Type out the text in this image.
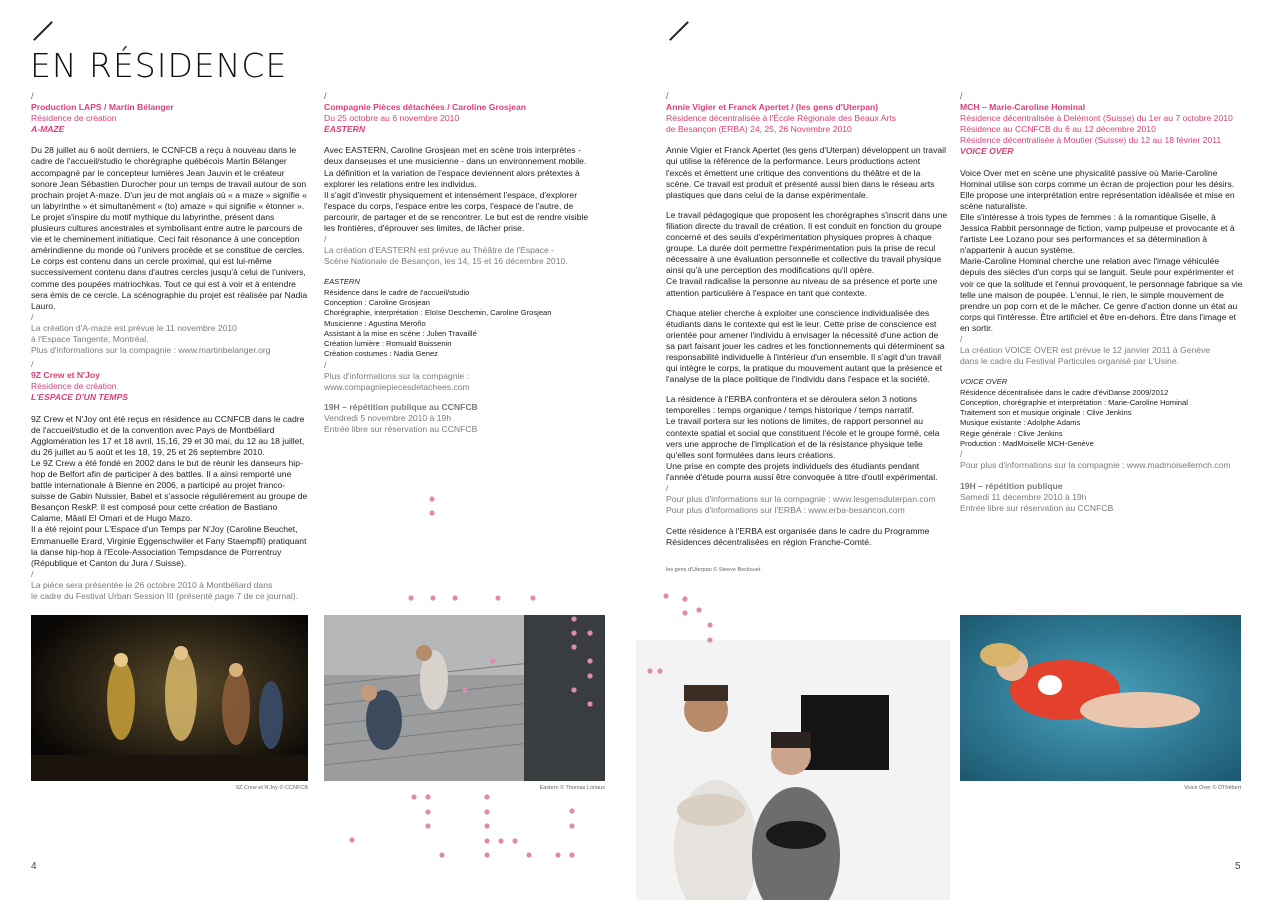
EN RÉSIDENCE
/
Production LAPS / Martin Bélanger
Résidence de création
A-MAZE

Du 28 juillet au 6 août derniers, le CCNFCB a reçu à nouveau dans le cadre de l'accueil/studio le chorégraphe québécois Martin Bélanger accompagné par le concepteur lumières Jean Jauvin et le créateur sonore Jean Sébastien Durocher pour un temps de travail autour de son prochain projet A-maze. D'un jeu de mot anglais où « a maze » signifie « un labyrinthe » et simultanément « (to) amaze » qui signifie « étonner ». Le projet s'inspire du motif mythique du labyrinthe, présent dans plusieurs cultures ancestrales et symbolisant entre autre le parcours de vie et le cheminement initiatique. Ceci fait résonance à une conception amérindienne du monde où l'univers procède et se constitue de cercles. Le corps est contenu dans un cercle proximal, qui est lui-même successivement contenu dans d'autres cercles jusqu'à celui de l'univers, comme des poupées matriochkas. Tout ce qui est à voir et à entendre sera émis de ce cercle. La scénographie du projet est réalisée par Nadia Lauro.

/
La création d'A-maze est prévue le 11 novembre 2010
à l'Espace Tangente, Montréal.
Plus d'informations sur la compagnie : www.martinbelanger.org
/
9Z Crew et N'Joy
Résidence de création
L'ESPACE D'UN TEMPS

9Z Crew et N'Joy ont été reçus en résidence au CCNFCB dans le cadre de l'accueil/studio et de la convention avec Pays de Montbéliard Agglomération les 17 et 18 avril, 15,16, 29 et 30 mai, du 12 au 18 juillet, du 26 juillet au 5 août et les 18, 19, 25 et 26 septembre 2010.
Le 9Z Crew a été fondé en 2002 dans le but de réunir les danseurs hip-hop de Belfort afin de participer à des battles. Il a ainsi remporté une battle internationale à Bienne en 2006, a participé au projet franco-suisse de Gabin Nuissier, Babel et s'associe régulièrement au groupe de Besançon ReskP. Il est composé pour cette création de Bastiano Calame, Mâati El Omari et de Hugo Mazo.
Il a été rejoint pour L'Espace d'un Temps par N'Joy (Caroline Beuchet, Emmanuelle Erard, Virginie Eggenschwiler et Fany Staempfli) pratiquant la danse hip-hop à l'Ecole-Association Tempsdance de Porrentruy (République et Canton du Jura / Suisse).

/
La pièce sera présentée le 26 octobre 2010 à Montbéliard dans
le cadre du Festival Urban Session III (présenté page 7 de ce journal).
/
Compagnie Pièces détachées / Caroline Grosjean
Du 25 octobre au 6 novembre 2010
EASTERN
Avec EASTERN, Caroline Grosjean met en scène trois interprètes - deux danseuses et une musicienne - dans un environnement mobile. La définition et la variation de l'espace deviennent alors prétextes à explorer les relations entre les individus.
Il s'agit d'investir physiquement et intensément l'espace, d'explorer l'espace du corps, l'espace entre les corps, l'espace de l'autre, de parcourir, de partager et de se rencontrer. Le but est de rendre visible les frontières, d'éprouver ses limites, de lâcher prise.
/
La création d'EASTERN est prévue au Théâtre de l'Espace -
Scène Nationale de Besançon, les 14, 15 et 16 décembre 2010.
EASTERN
Résidence dans le cadre de l'accueil/studio
Conception : Caroline Grosjean
Chorégraphie, interprétation : Eloïse Deschemin, Caroline Grosjean
Musicienne : Agustina Meroño
Assistant à la mise en scène : Julien Travaillé
Création lumière : Romuald Boissenin
Création costumes : Nadia Genez
/
Plus d'informations sur la compagnie :
www.compagniepiecesdetachees.com
19H – répétition publique au CCNFCB
Vendredi 5 novembre 2010 à 19h
Entrée libre sur réservation au CCNFCB
/
Annie Vigier et Franck Apertet / (les gens d'Uterpan)
Résidence décentralisée à l'École Régionale des Beaux Arts
de Besançon (ERBA) 24, 25, 26 Novembre 2010

Annie Vigier et Franck Apertet (les gens d'Uterpan) développent un travail qui utilise la référence de la performance. Leurs productions actent l'excès et émettent une critique des conventions du théâtre et de la scène. Ce travail est produit et présenté aussi bien dans le réseau arts plastiques que dans celui de la danse expérimentale.

Le travail pédagogique que proposent les chorégraphes s'inscrit dans une filiation directe du travail de création. Il est conduit en fonction du groupe concerné et des seuils d'expérimentation physiques propres à chaque groupe. La durée doit permettre l'expérimentation puis la prise de recul nécessaire à une évaluation personnelle et collective du travail physique ainsi qu'à une perception des modifications qu'il opère.
Ce travail radicalise la personne au niveau de sa présence et porte une attention particulière à l'espace en tant que contexte.

Chaque atelier cherche à exploiter une conscience individualisée des étudiants dans le contexte qui est le leur. Cette prise de conscience est orientée pour amener l'individu à envisager la nécessité d'une action de sa part faisant jouer les cadres et les fonctionnements qui déterminent sa responsabilité individuelle à l'intérieur d'un ensemble. Il s'agit d'un travail qui intègre le corps, la pratique du mouvement autant que la présence et l'analyse de la place politique de l'individu dans l'espace et la société.

La résidence à l'ERBA confrontera et se déroulera selon 3 notions temporelles : temps organique / temps historique / temps narratif.
Le travail portera sur les notions de limites, de rapport personnel au contexte spatial et social que constituent l'école et le groupe formé, cela vers une approche de l'implication et de la résistance physique telle qu'elles sont formulées dans leurs créations.
Une prise en compte des projets individuels des étudiants pendant l'année d'étude pourra aussi être convoquée à titre d'outil expérimental.

/
Pour plus d'informations sur la compagnie : www.lesgensduterpan.com
Pour plus d'informations sur l'ERBA : www.erba-besancon.com

Cette résidence à l'ERBA est organisée dans le cadre du Programme Résidences décentralisées en région Franche-Comté.

/
MCH – Marie-Caroline Hominal
Résidence décentralisée à Delémont (Suisse) du 1er au 7 octobre 2010
Résidence au CCNFCB du 6 au 12 décembre 2010
Résidence décentralisée à Moutier (Suisse) du 12 au 18 février 2011
VOICE OVER

Voice Over met en scène une physicalité passive où Marie-Caroline Hominal utilise son corps comme un écran de projection pour les désirs. Elle propose une interprétation entre représentation idéalisée et mise en scène naturaliste.
Elle s'intéresse à trois types de femmes : à la romantique Giselle, à Jessica Rabbit personnage de fiction, vamp pulpeuse et provocante et à l'artiste Lee Lozano pour ses performances et sa détermination à n'appartenir à aucun système.
Marie-Caroline Hominal cherche une relation avec l'image véhiculée depuis des siècles d'un corps qui se languit. Seule pour expérimenter et voir ce que la solitude et l'ennui provoquent, le personnage fabrique sa vie telle une maison de poupée. L'ennui, le rien, le simple mouvement de prendre un pop corn et de le mâcher. Ce genre d'action donne un état au corps qui l'intéresse. Être artificiel et être en-dehors. Être dans l'image et en sortir.

/
La création VOICE OVER est prévue le 12 janvier 2011 à Genève
dans le cadre du Festival Particules organisé par L'Usine.
VOICE OVER
Résidence décentralisée dans le cadre d'éviDanse 2009/2012
Conception, chorégraphie et interprétation : Marie-Caroline Hominal
Traitement son et musique originale : Clive Jenkins
Musique existante : Adolphe Adams
Régie générale : Clive Jenkins
Production : MadMoiselle MCH-Genève
/
Pour plus d'informations sur la compagnie : www.madmoisellemch.com
19H – répétition publique
Samedi 11 décembre 2010 à 19h
Entrée libre sur réservation au CCNFCB
9Z Crew et N'Joy © CCNFCB	Eastern © Thomas Loriaux
les gens d'Uterpan © Steeve Beckouet
Voice Over © DThébert
4	5
